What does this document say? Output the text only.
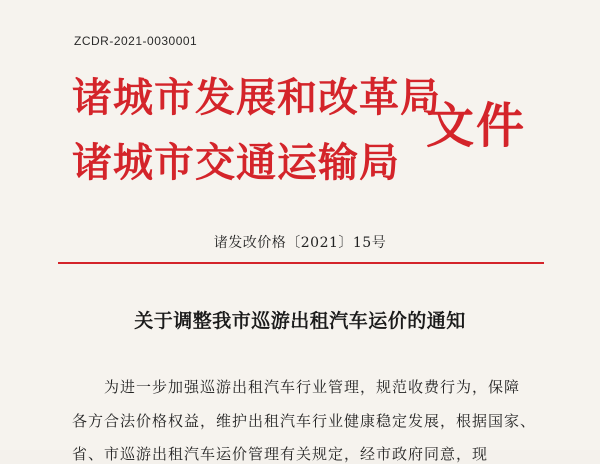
ZCDR-2021-0030001
诸城市发展和改革局
诸城市交通运输局
文件
诸发改价格〔2021〕15号
关于调整我市巡游出租汽车运价的通知
为进一步加强巡游出租汽车行业管理，规范收费行为，保障
各方合法价格权益，维护出租汽车行业健康稳定发展，根据国家、
省、市巡游出租汽车运价管理有关规定，经市政府同意，现
